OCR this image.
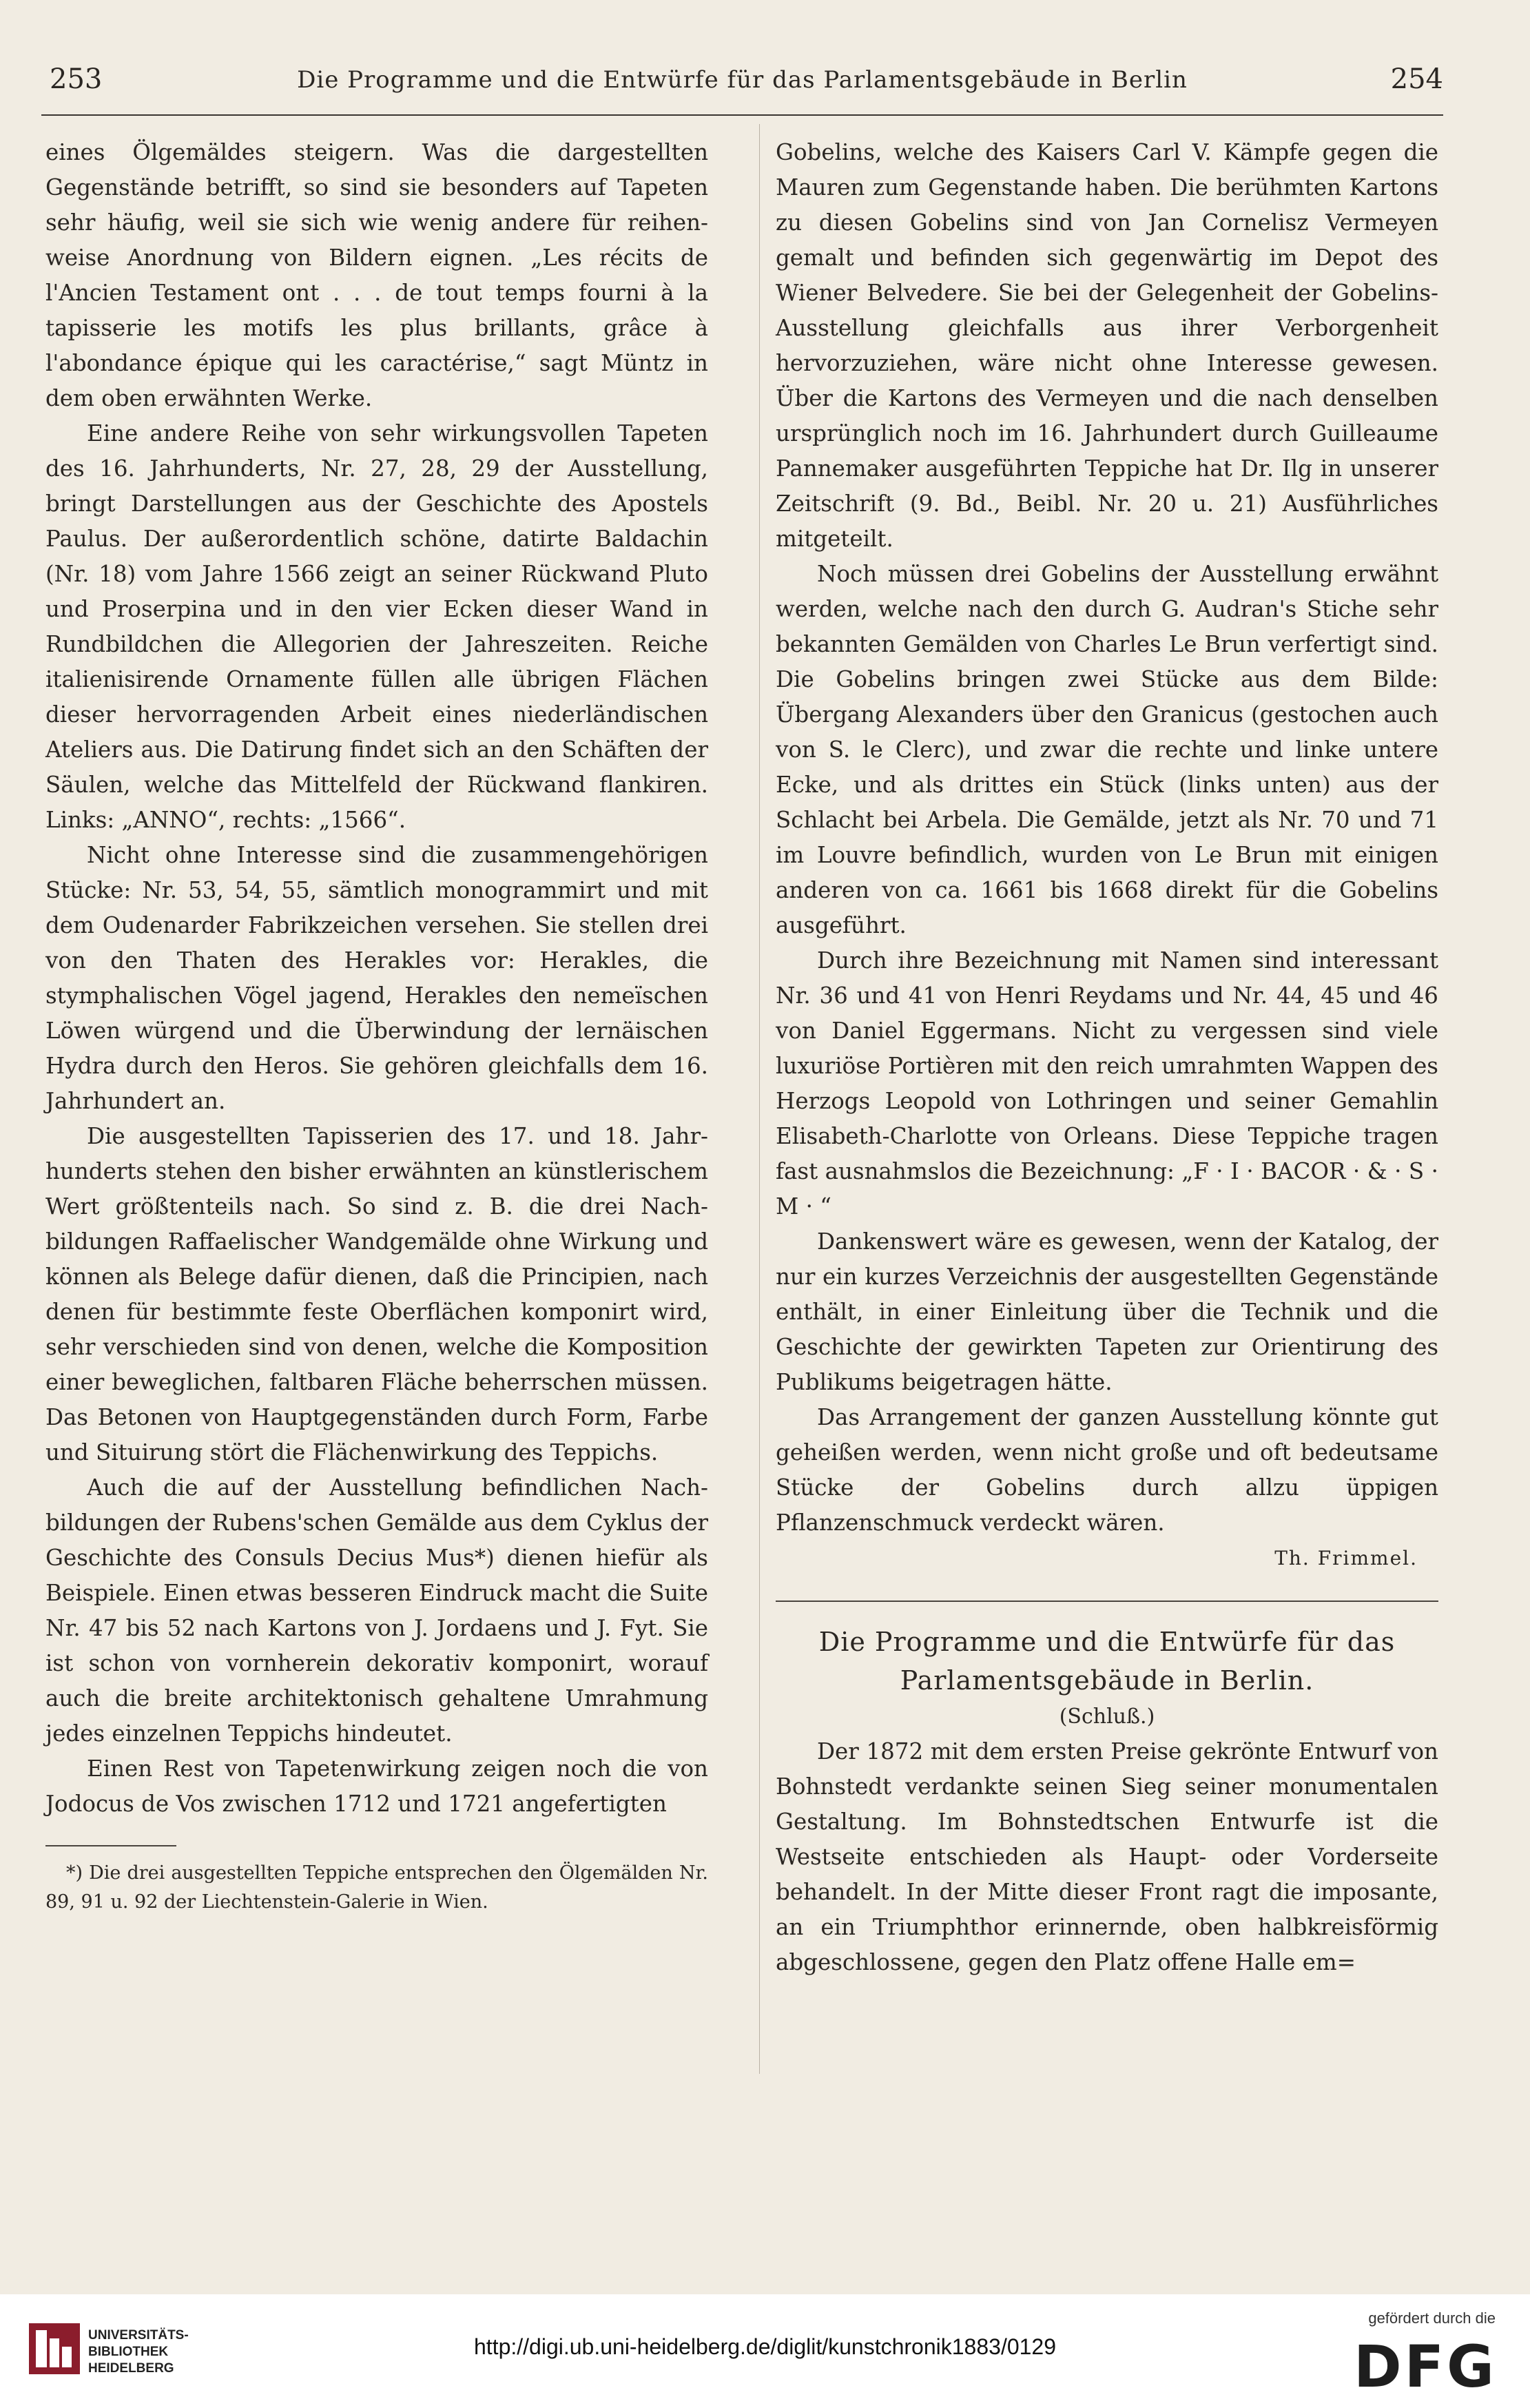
253	Die Programme und die Entwürfe für das Parlamentsgebäude in Berlin	254

eines Ölgemäldes steigern. Was die dargestellten Gegenstände betrifft, so sind sie besonders auf Tapeten sehr häufig, weil sie sich wie wenig andere für reihenweise Anordnung von Bildern eignen. „Les récits de l'Ancien Testament ont . . . de tout temps fourni à la tapisserie les motifs les plus brillants, grâce à l'abondance épique qui les caractérise,“ sagt Müntz in dem oben erwähnten Werke.

Eine andere Reihe von sehr wirkungsvollen Tapeten des 16. Jahrhunderts, Nr. 27, 28, 29 der Ausstellung, bringt Darstellungen aus der Geschichte des Apostels Paulus. Der außerordentlich schöne, datirte Baldachin (Nr. 18) vom Jahre 1566 zeigt an seiner Rückwand Pluto und Proserpina und in den vier Ecken dieser Wand in Rundbildchen die Allegorien der Jahreszeiten. Reiche italienisirende Ornamente füllen alle übrigen Flächen dieser hervorragenden Arbeit eines niederländischen Ateliers aus. Die Datirung findet sich an den Schäften der Säulen, welche das Mittelfeld der Rückwand flankiren. Links: „ANNO“, rechts: „1566“.

Nicht ohne Interesse sind die zusammengehörigen Stücke: Nr. 53, 54, 55, sämtlich monogrammirt und mit dem Oudenarder Fabrikzeichen versehen. Sie stellen drei von den Thaten des Herakles vor: Herakles, die stymphalischen Vögel jagend, Herakles den nemeïschen Löwen würgend und die Überwindung der lernäischen Hydra durch den Heros. Sie gehören gleichfalls dem 16. Jahrhundert an.

Die ausgestellten Tapisserien des 17. und 18. Jahrhunderts stehen den bisher erwähnten an künstlerischem Wert größtenteils nach. So sind z. B. die drei Nachbildungen Raffaelischer Wandgemälde ohne Wirkung und können als Belege dafür dienen, daß die Principien, nach denen für bestimmte feste Oberflächen komponirt wird, sehr verschieden sind von denen, welche die Komposition einer beweglichen, faltbaren Fläche beherrschen müssen. Das Betonen von Hauptgegenständen durch Form, Farbe und Situirung stört die Flächenwirkung des Teppichs.

Auch die auf der Ausstellung befindlichen Nachbildungen der Rubens'schen Gemälde aus dem Cyklus der Geschichte des Consuls Decius Mus*) dienen hiefür als Beispiele. Einen etwas besseren Eindruck macht die Suite Nr. 47 bis 52 nach Kartons von J. Jordaens und J. Fyt. Sie ist schon von vornherein dekorativ komponirt, worauf auch die breite architektonisch gehaltene Umrahmung jedes einzelnen Teppichs hindeutet.

Einen Rest von Tapetenwirkung zeigen noch die von Jodocus de Vos zwischen 1712 und 1721 angefertigten

*) Die drei ausgestellten Teppiche entsprechen den Ölgemälden Nr. 89, 91 u. 92 der Liechtenstein-Galerie in Wien.

Gobelins, welche des Kaisers Carl V. Kämpfe gegen die Mauren zum Gegenstande haben. Die berühmten Kartons zu diesen Gobelins sind von Jan Cornelisz Vermeyen gemalt und befinden sich gegenwärtig im Depot des Wiener Belvedere. Sie bei der Gelegenheit der Gobelins-Ausstellung gleichfalls aus ihrer Verborgenheit hervorzuziehen, wäre nicht ohne Interesse gewesen. Über die Kartons des Vermeyen und die nach denselben ursprünglich noch im 16. Jahrhundert durch Guilleaume Pannemaker ausgeführten Teppiche hat Dr. Ilg in unserer Zeitschrift (9. Bd., Beibl. Nr. 20 u. 21) Ausführliches mitgeteilt.

Noch müssen drei Gobelins der Ausstellung erwähnt werden, welche nach den durch G. Audran's Stiche sehr bekannten Gemälden von Charles Le Brun verfertigt sind. Die Gobelins bringen zwei Stücke aus dem Bilde: Übergang Alexanders über den Granicus (gestochen auch von S. le Clerc), und zwar die rechte und linke untere Ecke, und als drittes ein Stück (links unten) aus der Schlacht bei Arbela. Die Gemälde, jetzt als Nr. 70 und 71 im Louvre befindlich, wurden von Le Brun mit einigen anderen von ca. 1661 bis 1668 direkt für die Gobelins ausgeführt.

Durch ihre Bezeichnung mit Namen sind interessant Nr. 36 und 41 von Henri Reydams und Nr. 44, 45 und 46 von Daniel Eggermans. Nicht zu vergessen sind viele luxuriöse Portièren mit den reich umrahmten Wappen des Herzogs Leopold von Lothringen und seiner Gemahlin Elisabeth-Charlotte von Orleans. Diese Teppiche tragen fast ausnahmslos die Bezeichnung: „F · I · BACOR · & · S · M · “

Dankenswert wäre es gewesen, wenn der Katalog, der nur ein kurzes Verzeichnis der ausgestellten Gegenstände enthält, in einer Einleitung über die Technik und die Geschichte der gewirkten Tapeten zur Orientirung des Publikums beigetragen hätte.

Das Arrangement der ganzen Ausstellung könnte gut geheißen werden, wenn nicht große und oft bedeutsame Stücke der Gobelins durch allzu üppigen Pflanzenschmuck verdeckt wären.

Th. Frimmel.

Die Programme und die Entwürfe für das
Parlamentsgebäude in Berlin.

(Schluß.)

Der 1872 mit dem ersten Preise gekrönte Entwurf von Bohnstedt verdankte seinen Sieg seiner monumentalen Gestaltung. Im Bohnstedtschen Entwurfe ist die Westseite entschieden als Haupt- oder Vorderseite behandelt. In der Mitte dieser Front ragt die imposante, an ein Triumphthor erinnernde, oben halbkreisförmig abgeschlossene, gegen den Platz offene Halle em=

UNIVERSITÄTS-
BIBLIOTHEK
HEIDELBERG
http://digi.ub.uni-heidelberg.de/diglit/kunstchronik1883/0129
gefördert durch die
DFG
